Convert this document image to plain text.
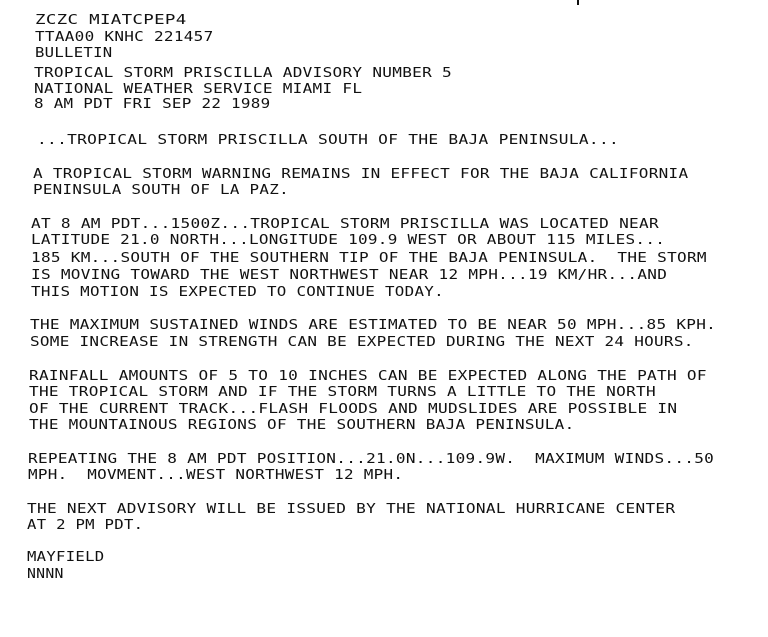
ZCZC MIATCPEP4

TTAA00 KNHC 221457

BULLETIN

TROPICAL STORM PRISCILLA ADVISORY NUMBER 5

NATIONAL WEATHER SERVICE MIAMI FL

8 AM PDT FRI SEP 22 1989

...TROPICAL STORM PRISCILLA SOUTH OF THE BAJA PENINSULA...

A TROPICAL STORM WARNING REMAINS IN EFFECT FOR THE BAJA CALIFORNIA

PENINSULA SOUTH OF LA PAZ.

AT 8 AM PDT...1500Z...TROPICAL STORM PRISCILLA WAS LOCATED NEAR

LATITUDE 21.0 NORTH...LONGITUDE 109.9 WEST OR ABOUT 115 MILES...

185 KM...SOUTH OF THE SOUTHERN TIP OF THE BAJA PENINSULA.  THE STORM

IS MOVING TOWARD THE WEST NORTHWEST NEAR 12 MPH...19 KM/HR...AND

THIS MOTION IS EXPECTED TO CONTINUE TODAY.

THE MAXIMUM SUSTAINED WINDS ARE ESTIMATED TO BE NEAR 50 MPH...85 KPH.

SOME INCREASE IN STRENGTH CAN BE EXPECTED DURING THE NEXT 24 HOURS.

RAINFALL AMOUNTS OF 5 TO 10 INCHES CAN BE EXPECTED ALONG THE PATH OF

THE TROPICAL STORM AND IF THE STORM TURNS A LITTLE TO THE NORTH

OF THE CURRENT TRACK...FLASH FLOODS AND MUDSLIDES ARE POSSIBLE IN

THE MOUNTAINOUS REGIONS OF THE SOUTHERN BAJA PENINSULA.

REPEATING THE 8 AM PDT POSITION...21.0N...109.9W.  MAXIMUM WINDS...50

MPH.  MOVMENT...WEST NORTHWEST 12 MPH.

THE NEXT ADVISORY WILL BE ISSUED BY THE NATIONAL HURRICANE CENTER

AT 2 PM PDT.

MAYFIELD

NNNN
